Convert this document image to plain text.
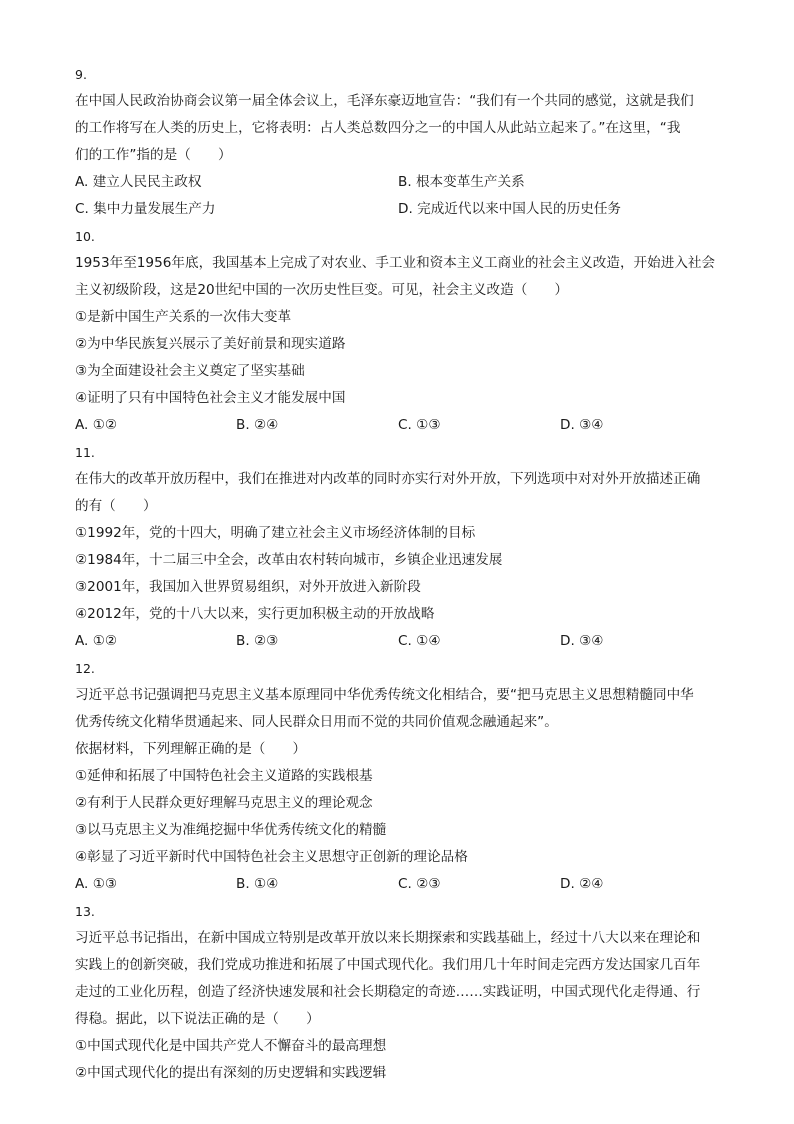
9.
在中国人民政治协商会议第一届全体会议上，毛泽东豪迈地宣告：“我们有一个共同的感觉，这就是我们
的工作将写在人类的历史上，它将表明：占人类总数四分之一的中国人从此站立起来了。”在这里，“我
们的工作”指的是（　　）
A. 建立人民民主政权	B. 根本变革生产关系
C. 集中力量发展生产力	D. 完成近代以来中国人民的历史任务
10.
1953年至1956年底，我国基本上完成了对农业、手工业和资本主义工商业的社会主义改造，开始进入社会
主义初级阶段，这是20世纪中国的一次历史性巨变。可见，社会主义改造（　　）
①是新中国生产关系的一次伟大变革
②为中华民族复兴展示了美好前景和现实道路
③为全面建设社会主义奠定了坚实基础
④证明了只有中国特色社会主义才能发展中国
A. ①②	B. ②④	C. ①③	D. ③④
11.
在伟大的改革开放历程中，我们在推进对内改革的同时亦实行对外开放，下列选项中对对外开放描述正确
的有（　　）
①1992年，党的十四大，明确了建立社会主义市场经济体制的目标
②1984年，十二届三中全会，改革由农村转向城市，乡镇企业迅速发展
③2001年，我国加入世界贸易组织，对外开放进入新阶段
④2012年，党的十八大以来，实行更加积极主动的开放战略
A. ①②	B. ②③	C. ①④	D. ③④
12.
习近平总书记强调把马克思主义基本原理同中华优秀传统文化相结合，要“把马克思主义思想精髓同中华
优秀传统文化精华贯通起来、同人民群众日用而不觉的共同价值观念融通起来”。
依据材料，下列理解正确的是（　　）
①延伸和拓展了中国特色社会主义道路的实践根基
②有利于人民群众更好理解马克思主义的理论观念
③以马克思主义为准绳挖掘中华优秀传统文化的精髓
④彰显了习近平新时代中国特色社会主义思想守正创新的理论品格
A. ①③	B. ①④	C. ②③	D. ②④
13.
习近平总书记指出，在新中国成立特别是改革开放以来长期探索和实践基础上，经过十八大以来在理论和
实践上的创新突破，我们党成功推进和拓展了中国式现代化。我们用几十年时间走完西方发达国家几百年
走过的工业化历程，创造了经济快速发展和社会长期稳定的奇迹……实践证明，中国式现代化走得通、行
得稳。据此，以下说法正确的是（　　）
①中国式现代化是中国共产党人不懈奋斗的最高理想
②中国式现代化的提出有深刻的历史逻辑和实践逻辑
